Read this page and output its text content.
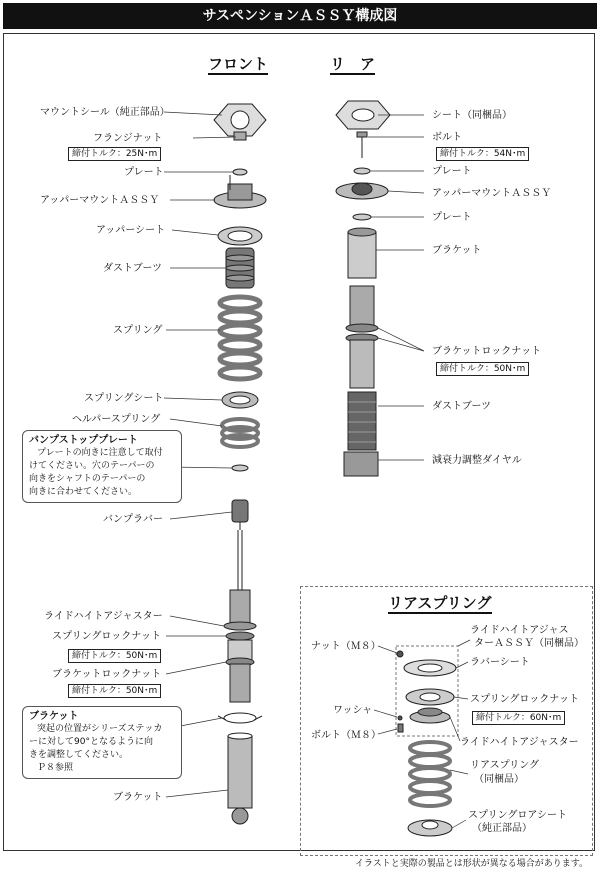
サスペンションＡＳＳＹ構成図
フロント	リ　ア
マウントシール（純正部品）
フランジナット
締付トルク：25N･m
プレート
アッパーマウントＡＳＳＹ
アッパーシート
ダストブーツ
スプリング
スプリングシート
ヘルパースプリング
バンプストッププレート
プレートの向きに注意して取付
けてください。穴のテーパーの
向きをシャフトのテーパーの
向きに合わせてください。
バンプラバー
ライドハイトアジャスター
スプリングロックナット
締付トルク：50N･m
ブラケットロックナット
締付トルク：50N･m
ブラケット
突起の位置がシリーズステッカ
ーに対して90°となるように向
きを調整してください。
Ｐ８参照
ブラケット
シート（同梱品）
ボルト
締付トルク：54N･m
プレート
アッパーマウントＡＳＳＹ
プレート
ブラケット
ブラケットロックナット
締付トルク：50N･m
ダストブーツ
減衰力調整ダイヤル
リアスプリング
ナット（Ｍ８）
ワッシャ
ボルト（Ｍ８）
ライドハイトアジャス
ターＡＳＳＹ（同梱品）
ラバーシート
スプリングロックナット
締付トルク：60N･m
ライドハイトアジャスター
リアスプリング
（同梱品）
スプリングロアシート
（純正部品）
イラストと実際の製品とは形状が異なる場合があります。
